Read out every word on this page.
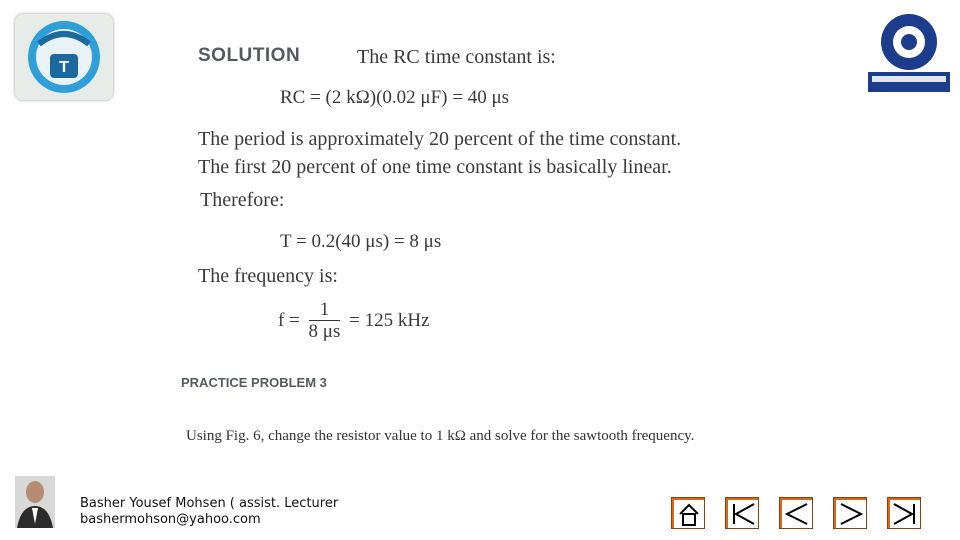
T
SOLUTION	The RC time constant is:
RC = (2 kΩ)(0.02 μF) = 40 μs
The period is approximately 20 percent of the time constant.
The first 20 percent of one time constant is basically linear.
Therefore:
T = 0.2(40 μs) = 8 μs
The frequency is:
$f = \frac{1}{8 \mu s} = 125$ kHz
PRACTICE PROBLEM 3
Using Fig. 6, change the resistor value to 1 kΩ and solve for the sawtooth frequency.
Basher Yousef Mohsen ( assist. Lecturer
bashermohson@yahoo.com
